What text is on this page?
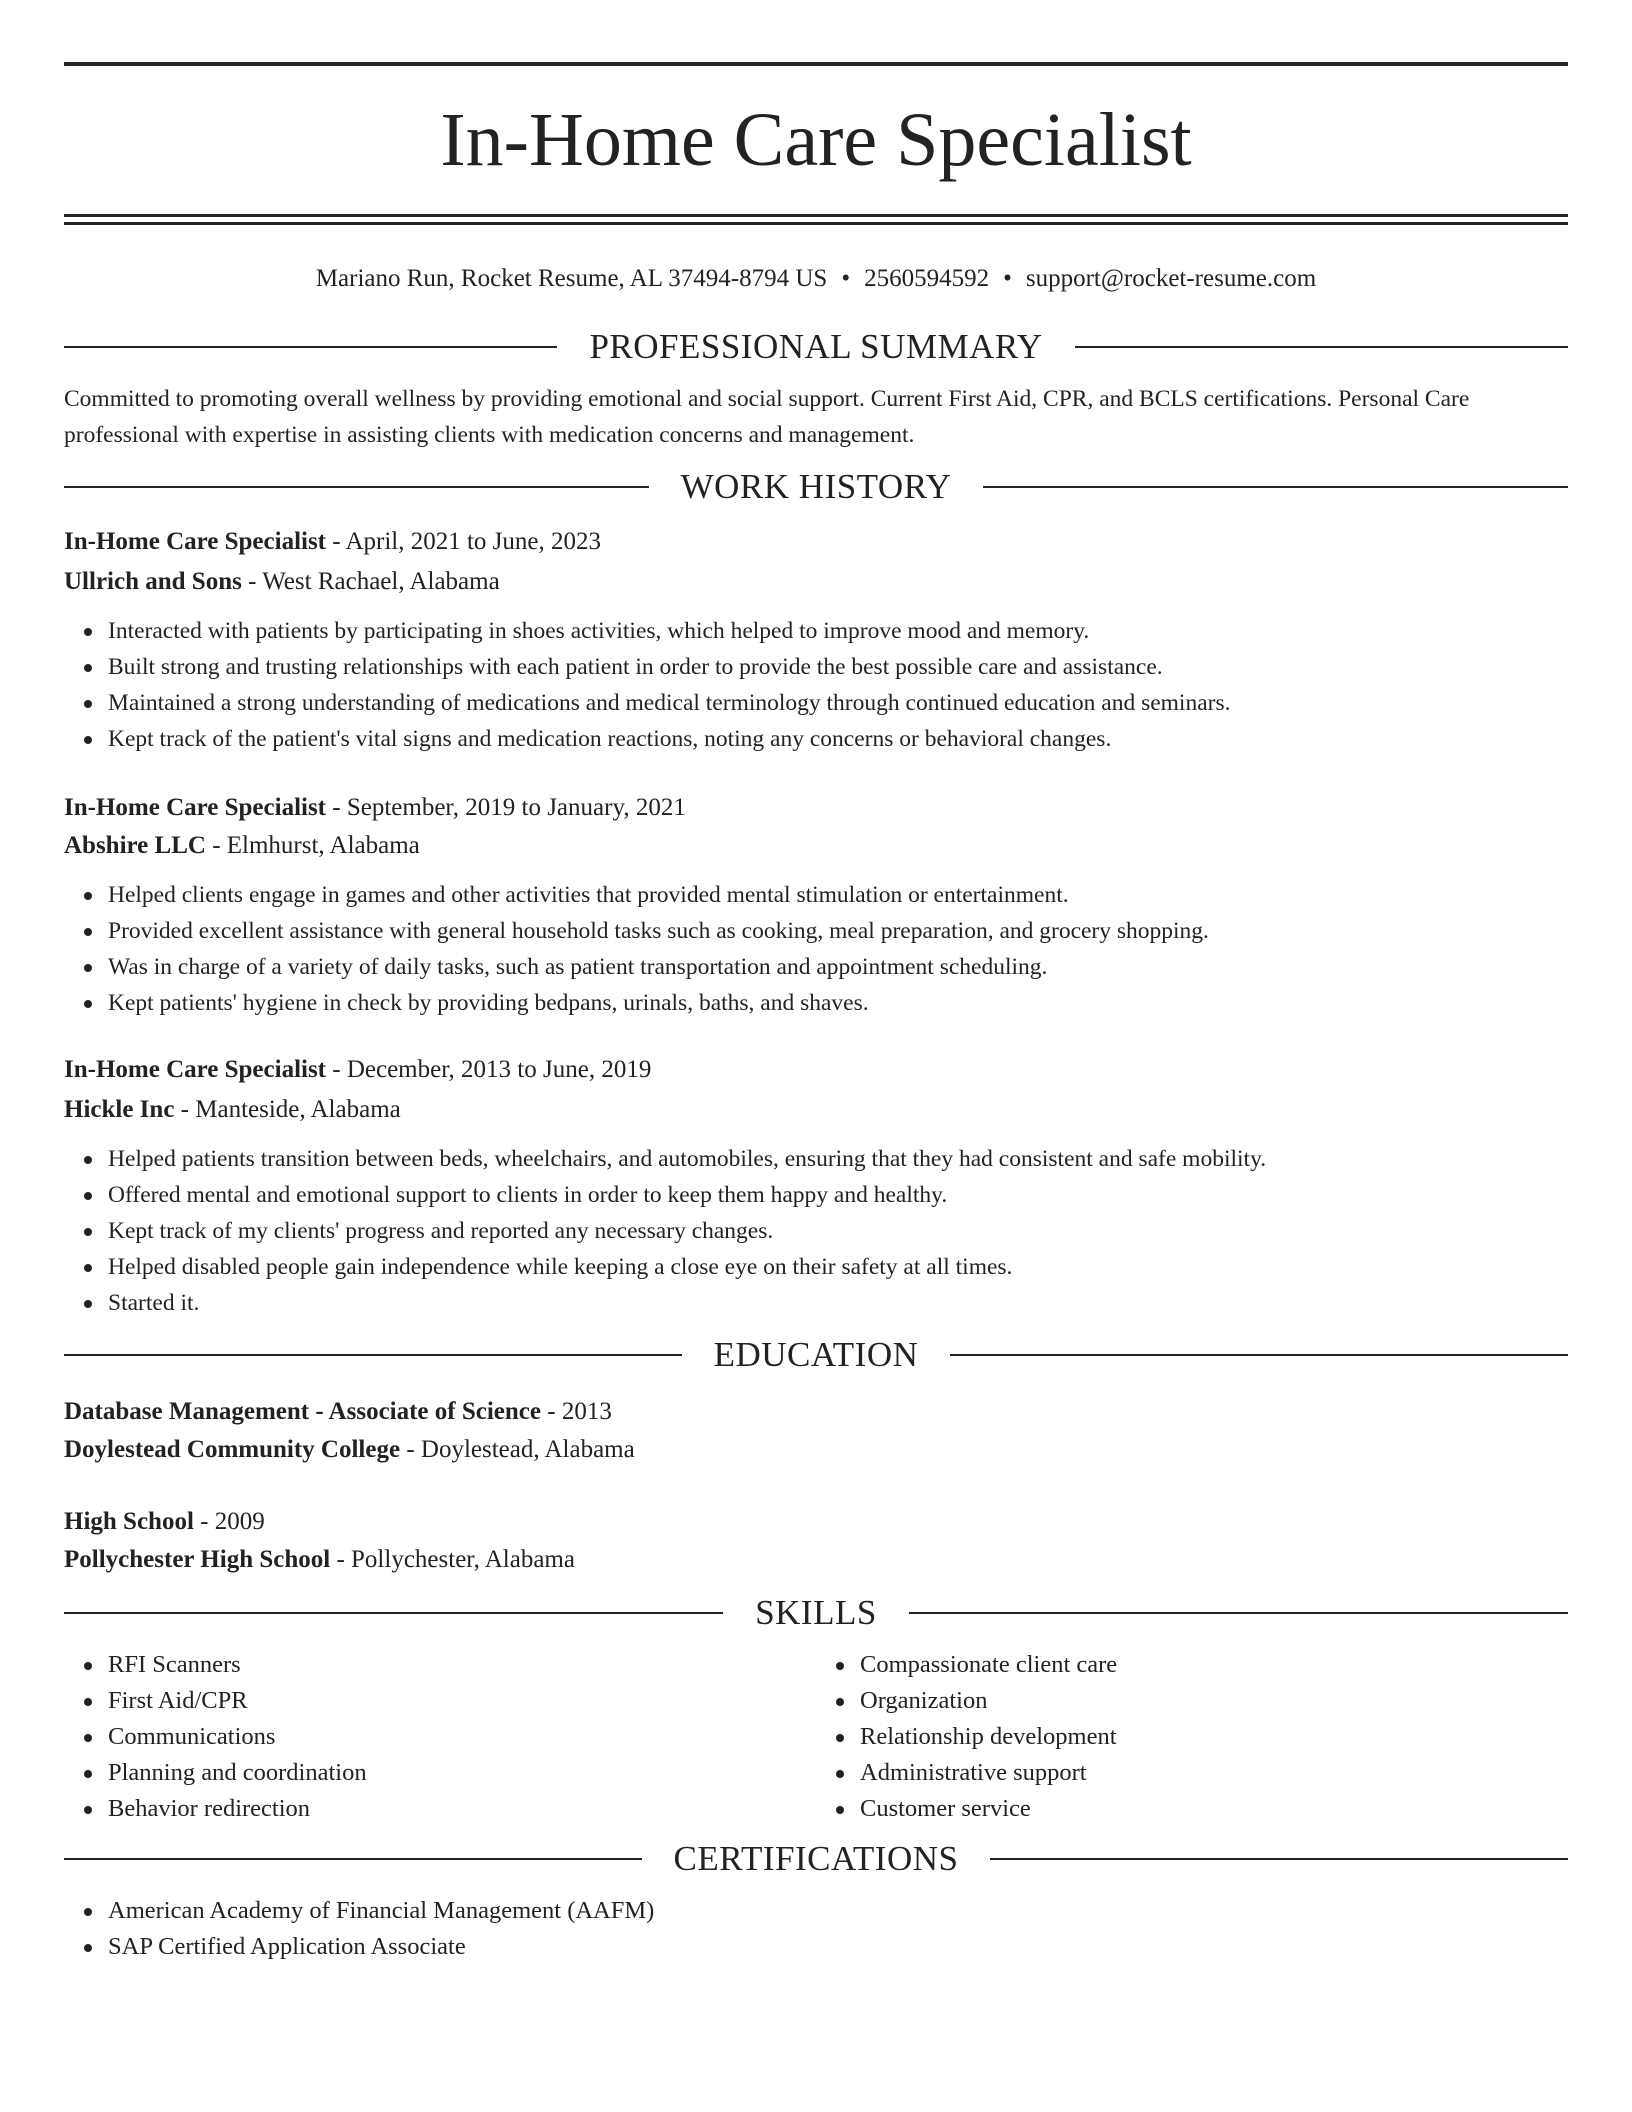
In-Home Care Specialist
Mariano Run, Rocket Resume, AL 37494-8794 US • 2560594592 • support@rocket-resume.com
PROFESSIONAL SUMMARY

Committed to promoting overall wellness by providing emotional and social support. Current First Aid, CPR, and BCLS certifications. Personal Care professional with expertise in assisting clients with medication concerns and management.

WORK HISTORY

In-Home Care Specialist - April, 2021 to June, 2023

Ullrich and Sons - West Rachael, Alabama

Interacted with patients by participating in shoes activities, which helped to improve mood and memory.
Built strong and trusting relationships with each patient in order to provide the best possible care and assistance.
Maintained a strong understanding of medications and medical terminology through continued education and seminars.
Kept track of the patient's vital signs and medication reactions, noting any concerns or behavioral changes.

In-Home Care Specialist - September, 2019 to January, 2021

Abshire LLC - Elmhurst, Alabama

Helped clients engage in games and other activities that provided mental stimulation or entertainment.
Provided excellent assistance with general household tasks such as cooking, meal preparation, and grocery shopping.
Was in charge of a variety of daily tasks, such as patient transportation and appointment scheduling.
Kept patients' hygiene in check by providing bedpans, urinals, baths, and shaves.

In-Home Care Specialist - December, 2013 to June, 2019

Hickle Inc - Manteside, Alabama

Helped patients transition between beds, wheelchairs, and automobiles, ensuring that they had consistent and safe mobility.
Offered mental and emotional support to clients in order to keep them happy and healthy.
Kept track of my clients' progress and reported any necessary changes.
Helped disabled people gain independence while keeping a close eye on their safety at all times.
Started it.
EDUCATION

Database Management - Associate of Science - 2013

Doylestead Community College - Doylestead, Alabama

High School - 2009

Pollychester High School - Pollychester, Alabama

SKILLS
RFI Scanners
First Aid/CPR
Communications
Planning and coordination
Behavior redirection
Compassionate client care
Organization
Relationship development
Administrative support
Customer service
CERTIFICATIONS
American Academy of Financial Management (AAFM)
SAP Certified Application Associate
